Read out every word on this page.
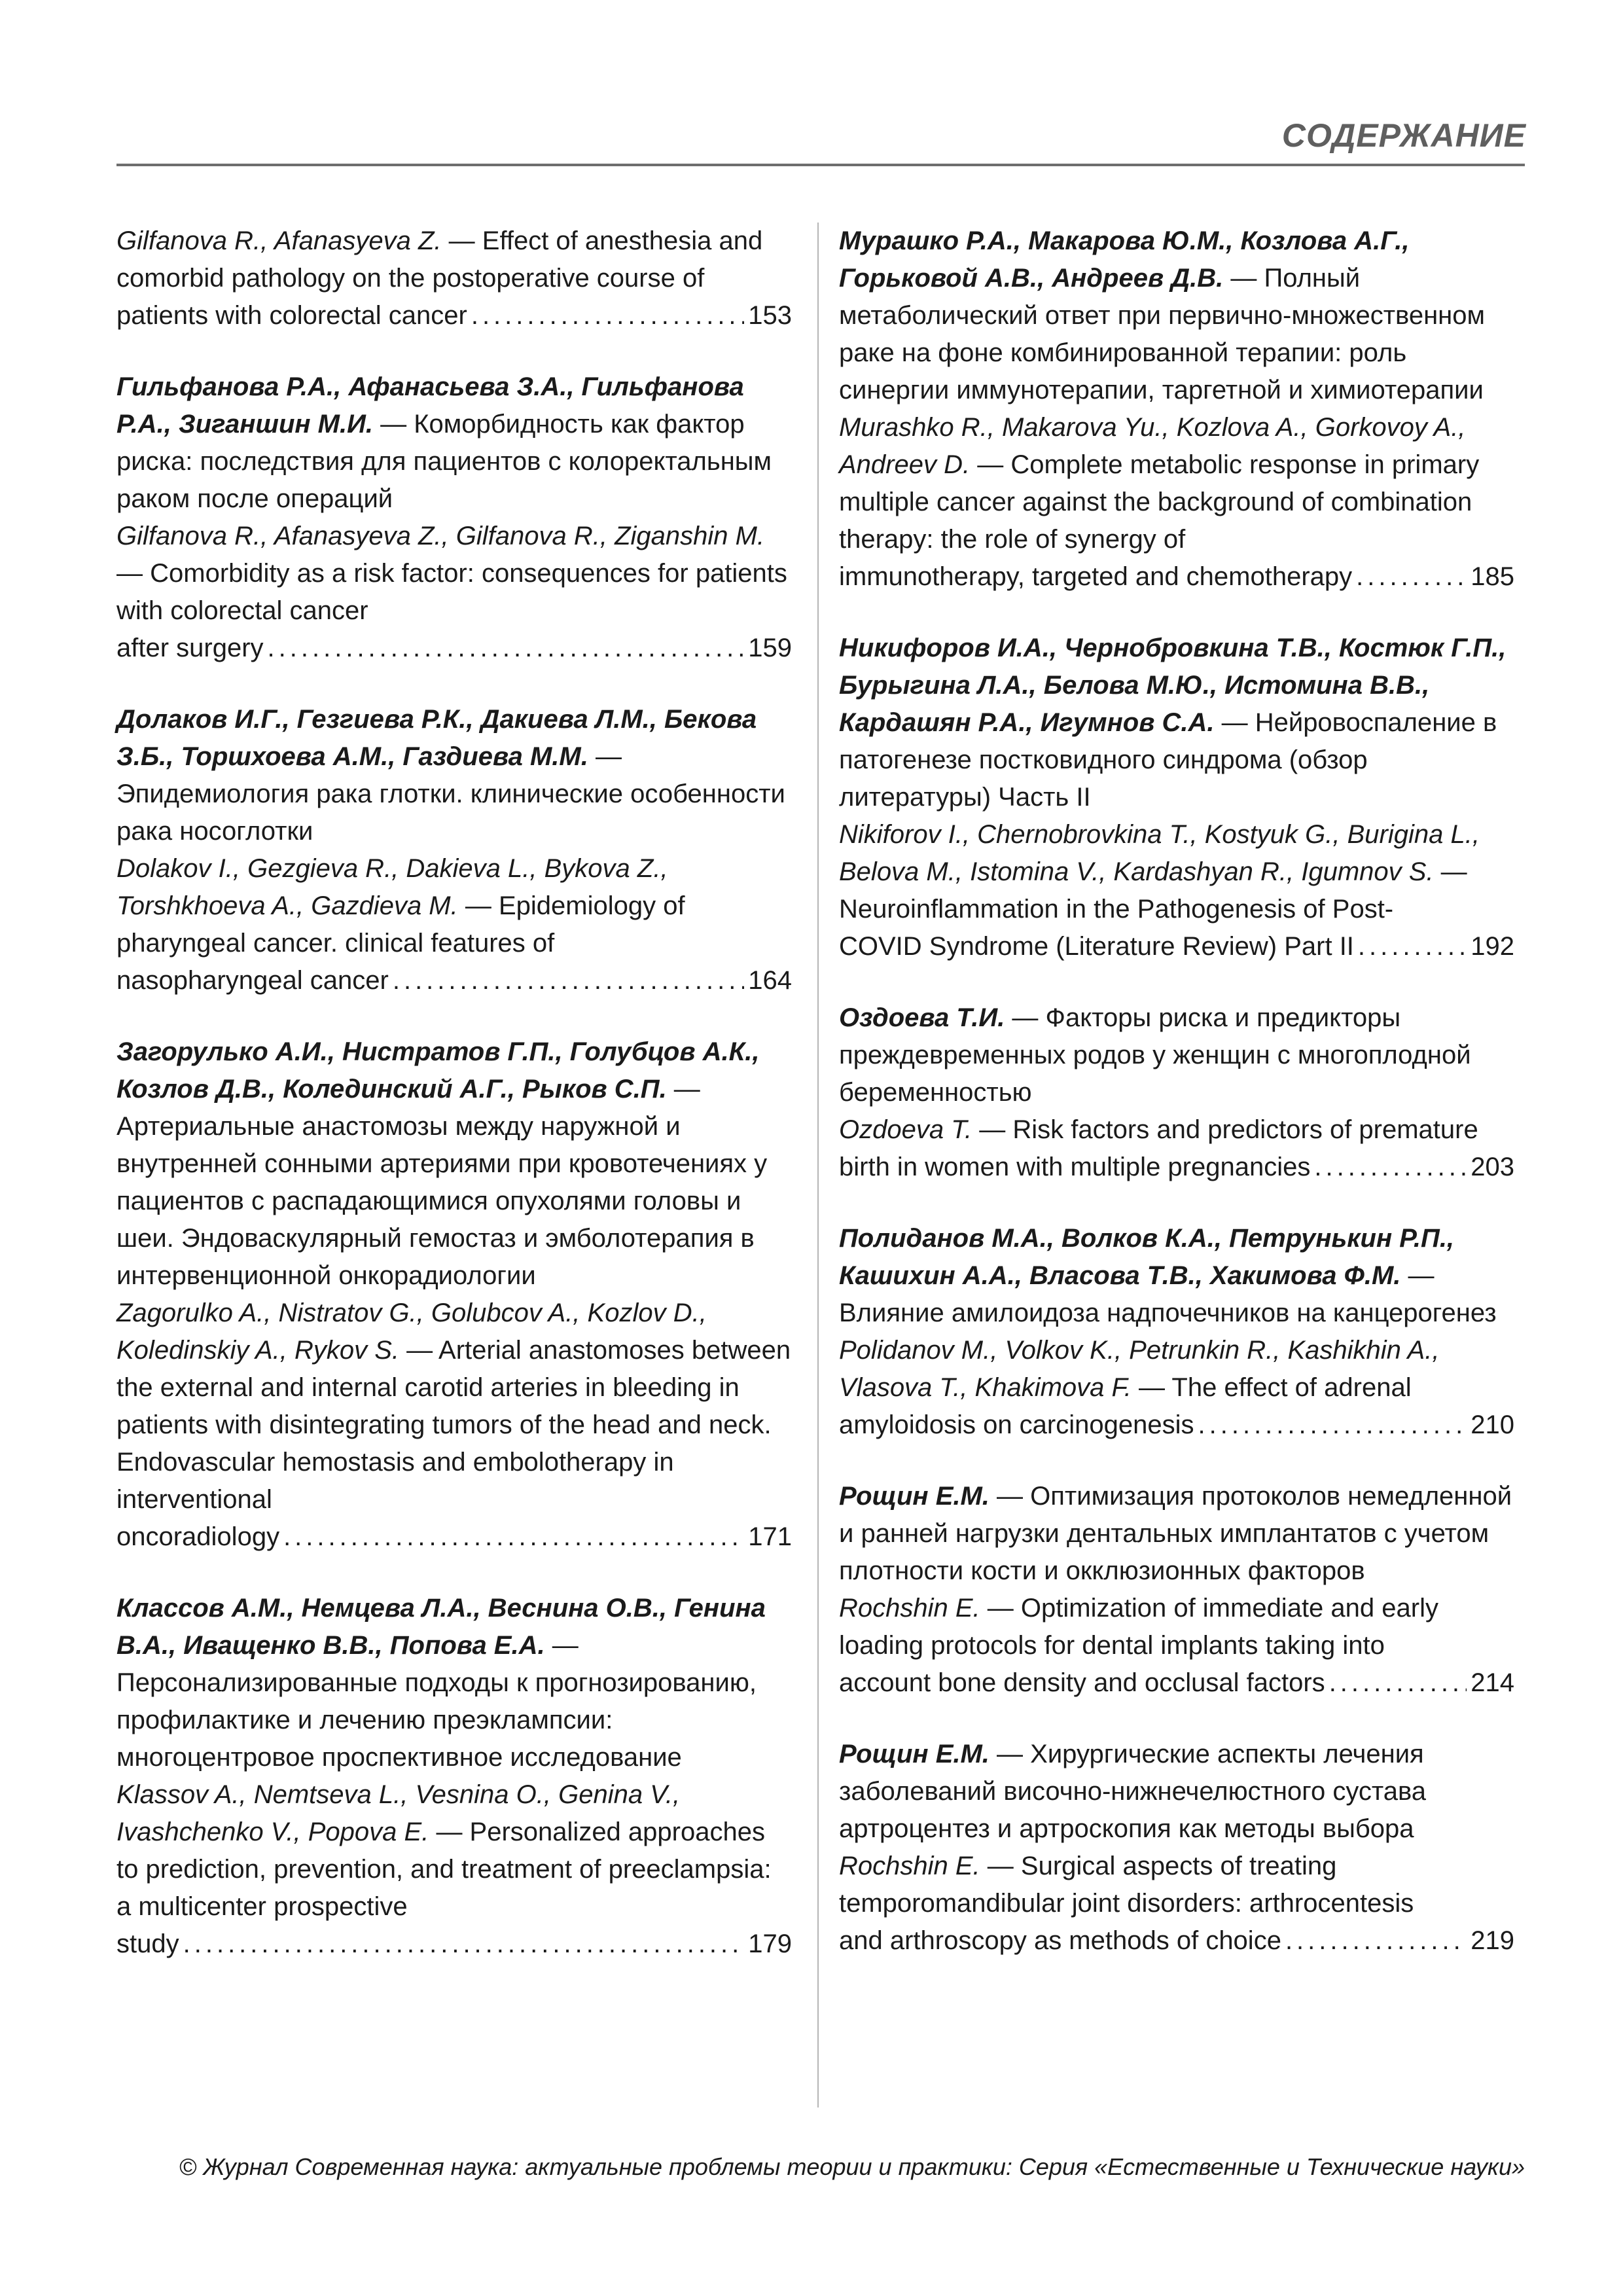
СОДЕРЖАНИЕ

Gilfanova R., Afanasyeva Z. — Effect of anesthesia and comorbid pathology on the postoperative course of

patients with colorectal cancer .....	153

Гильфанова Р.А., Афанасьева З.А., Гильфанова Р.А., Зиганшин М.И. — Коморбидность как фактор риска: последствия для пациентов с колоректальным раком после операций

Gilfanova R., Afanasyeva Z., Gilfanova R., Ziganshin M. — Comorbidity as a risk factor: consequences for patients with colorectal cancer

after surgery .....	159

Долаков И.Г., Гезгиева Р.К., Дакиева Л.М., Бекова З.Б., Торшхоева А.М., Газдиева М.М. — Эпидемиология рака глотки. клинические особенности рака носоглотки

Dolakov I., Gezgieva R., Dakieva L., Bykova Z., Torshkhoeva A., Gazdieva M. — Epidemiology of pharyngeal cancer. clinical features of

nasopharyngeal cancer .....	164

Загорулько А.И., Нистратов Г.П., Голубцов А.К., Козлов Д.В., Колединский А.Г., Рыков С.П. — Артериальные анастомозы между наружной и внутренней сонными артериями при кровотечениях у пациентов с распадающимися опухолями головы и шеи. Эндоваскулярный гемостаз и эмболотерапия в интервенционной онкорадиологии

Zagorulko A., Nistratov G., Golubcov A., Kozlov D., Koledinskiy A., Rykov S. — Arterial anastomoses between the external and internal carotid arteries in bleeding in patients with disintegrating tumors of the head and neck. Endovascular hemostasis and embolotherapy in interventional

oncoradiology .....	171

Классов А.М., Немцева Л.А., Веснина О.В., Генина В.А., Иващенко В.В., Попова Е.А. — Персонализированные подходы к прогнозированию, профилактике и лечению преэклампсии: многоцентровое проспективное исследование

Klassov A., Nemtseva L., Vesnina O., Genina V., Ivashchenko V., Popova E. — Personalized approaches to prediction, prevention, and treatment of preeclampsia: a multicenter prospective

study .....	179

Мурашко Р.А., Макарова Ю.М., Козлова А.Г., Горьковой А.В., Андреев Д.В. — Полный метаболический ответ при первично-множественном раке на фоне комбинированной терапии: роль синергии иммунотерапии, таргетной и химиотерапии

Murashko R., Makarova Yu., Kozlova A., Gorkovoy A., Andreev D. — Complete metabolic response in primary multiple cancer against the background of combination therapy: the role of synergy of

immunotherapy, targeted and chemotherapy .....	185

Никифоров И.А., Чернобровкина Т.В., Костюк Г.П., Бурыгина Л.А., Белова М.Ю., Истомина В.В., Кардашян Р.А., Игумнов С.А. — Нейровоспаление в патогенезе постковидного синдрома (обзор литературы) Часть II

Nikiforov I., Chernobrovkina T., Kostyuk G., Burigina L., Belova M., Istomina V., Kardashyan R., Igumnov S. — Neuroinflammation in the Pathogenesis of Post-

COVID Syndrome (Literature Review) Part II .....	192

Оздоева Т.И. — Факторы риска и предикторы преждевременных родов у женщин с многоплодной беременностью

Ozdoeva T. — Risk factors and predictors of premature

birth in women with multiple pregnancies .....	203

Полиданов М.А., Волков К.А., Петрунькин Р.П., Кашихин А.А., Власова Т.В., Хакимова Ф.М. — Влияние амилоидоза надпочечников на канцерогенез

Polidanov M., Volkov K., Petrunkin R., Kashikhin A., Vlasova T., Khakimova F. — The effect of adrenal

amyloidosis on carcinogenesis .....	210

Рощин Е.М. — Оптимизация протоколов немедленной и ранней нагрузки дентальных имплантатов с учетом плотности кости и окклюзионных факторов

Rochshin E. — Optimization of immediate and early loading protocols for dental implants taking into

account bone density and occlusal factors .....	214

Рощин Е.М. — Хирургические аспекты лечения заболеваний височно-нижнечелюстного сустава артроцентез и артроскопия как методы выбора

Rochshin E. — Surgical aspects of treating temporomandibular joint disorders: arthrocentesis

and arthroscopy as methods of choice .....	219
© Журнал Современная наука: актуальные проблемы теории и практики: Серия «Естественные и Технические науки»
